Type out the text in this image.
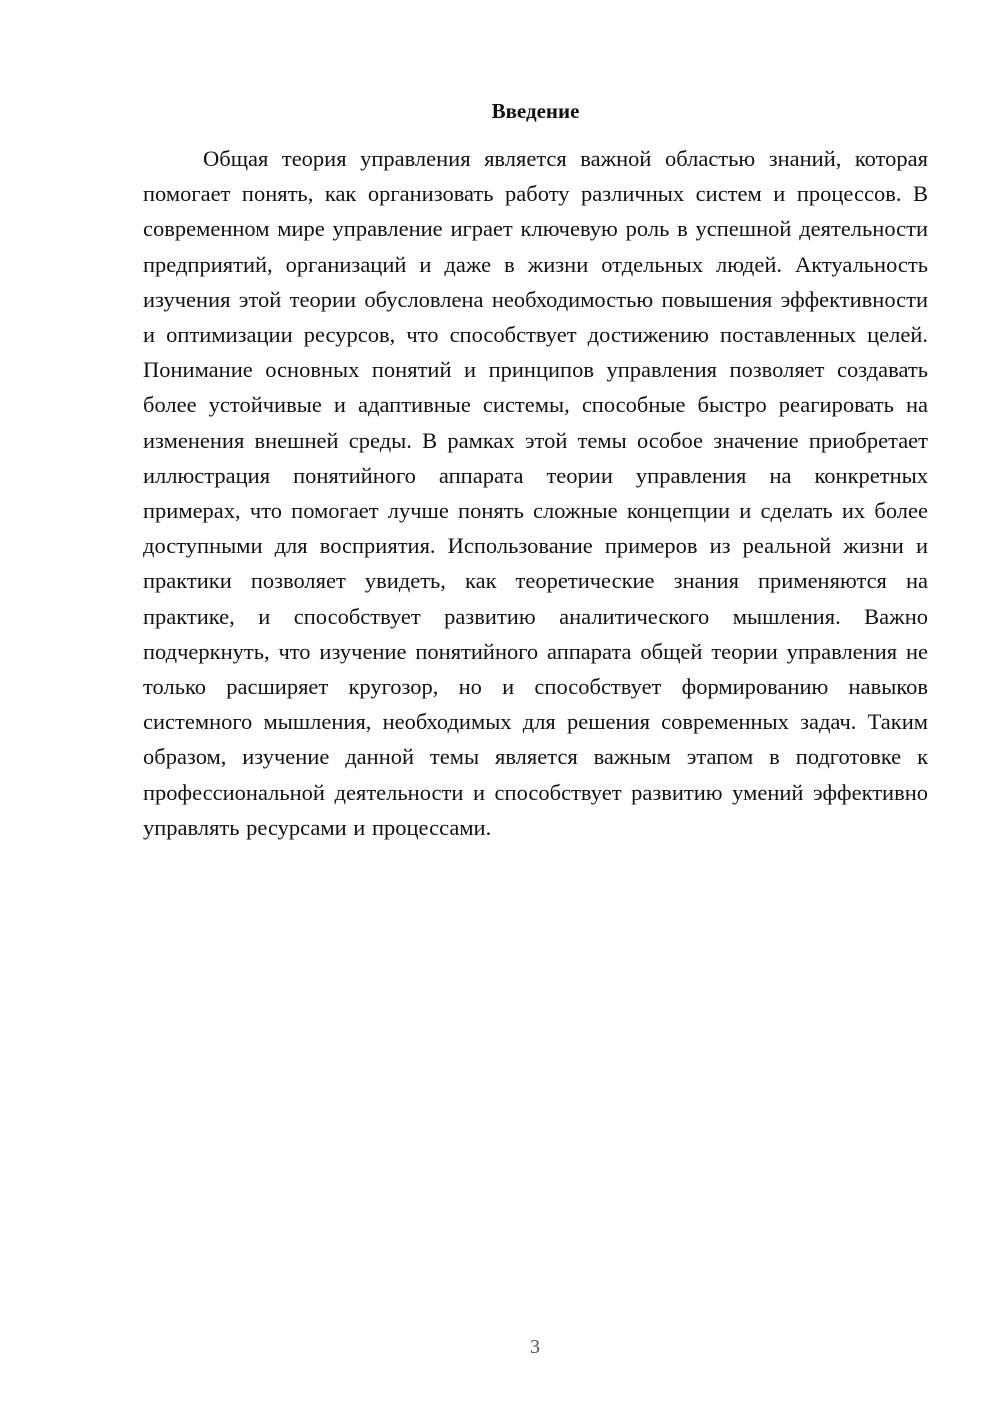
Введение

Общая теория управления является важной областью знаний, которая помогает понять, как организовать работу различных систем и процессов. В современном мире управление играет ключевую роль в успешной деятельности предприятий, организаций и даже в жизни отдельных людей. Актуальность изучения этой теории обусловлена необходимостью повышения эффективности и оптимизации ресурсов, что способствует достижению поставленных целей. Понимание основных понятий и принципов управления позволяет создавать более устойчивые и адаптивные системы, способные быстро реагировать на изменения внешней среды. В рамках этой темы особое значение приобретает иллюстрация понятийного аппарата теории управления на конкретных примерах, что помогает лучше понять сложные концепции и сделать их более доступными для восприятия. Использование примеров из реальной жизни и практики позволяет увидеть, как теоретические знания применяются на практике, и способствует развитию аналитического мышления. Важно подчеркнуть, что изучение понятийного аппарата общей теории управления не только расширяет кругозор, но и способствует формированию навыков системного мышления, необходимых для решения современных задач. Таким образом, изучение данной темы является важным этапом в подготовке к профессиональной деятельности и способствует развитию умений эффективно управлять ресурсами и процессами.

3
